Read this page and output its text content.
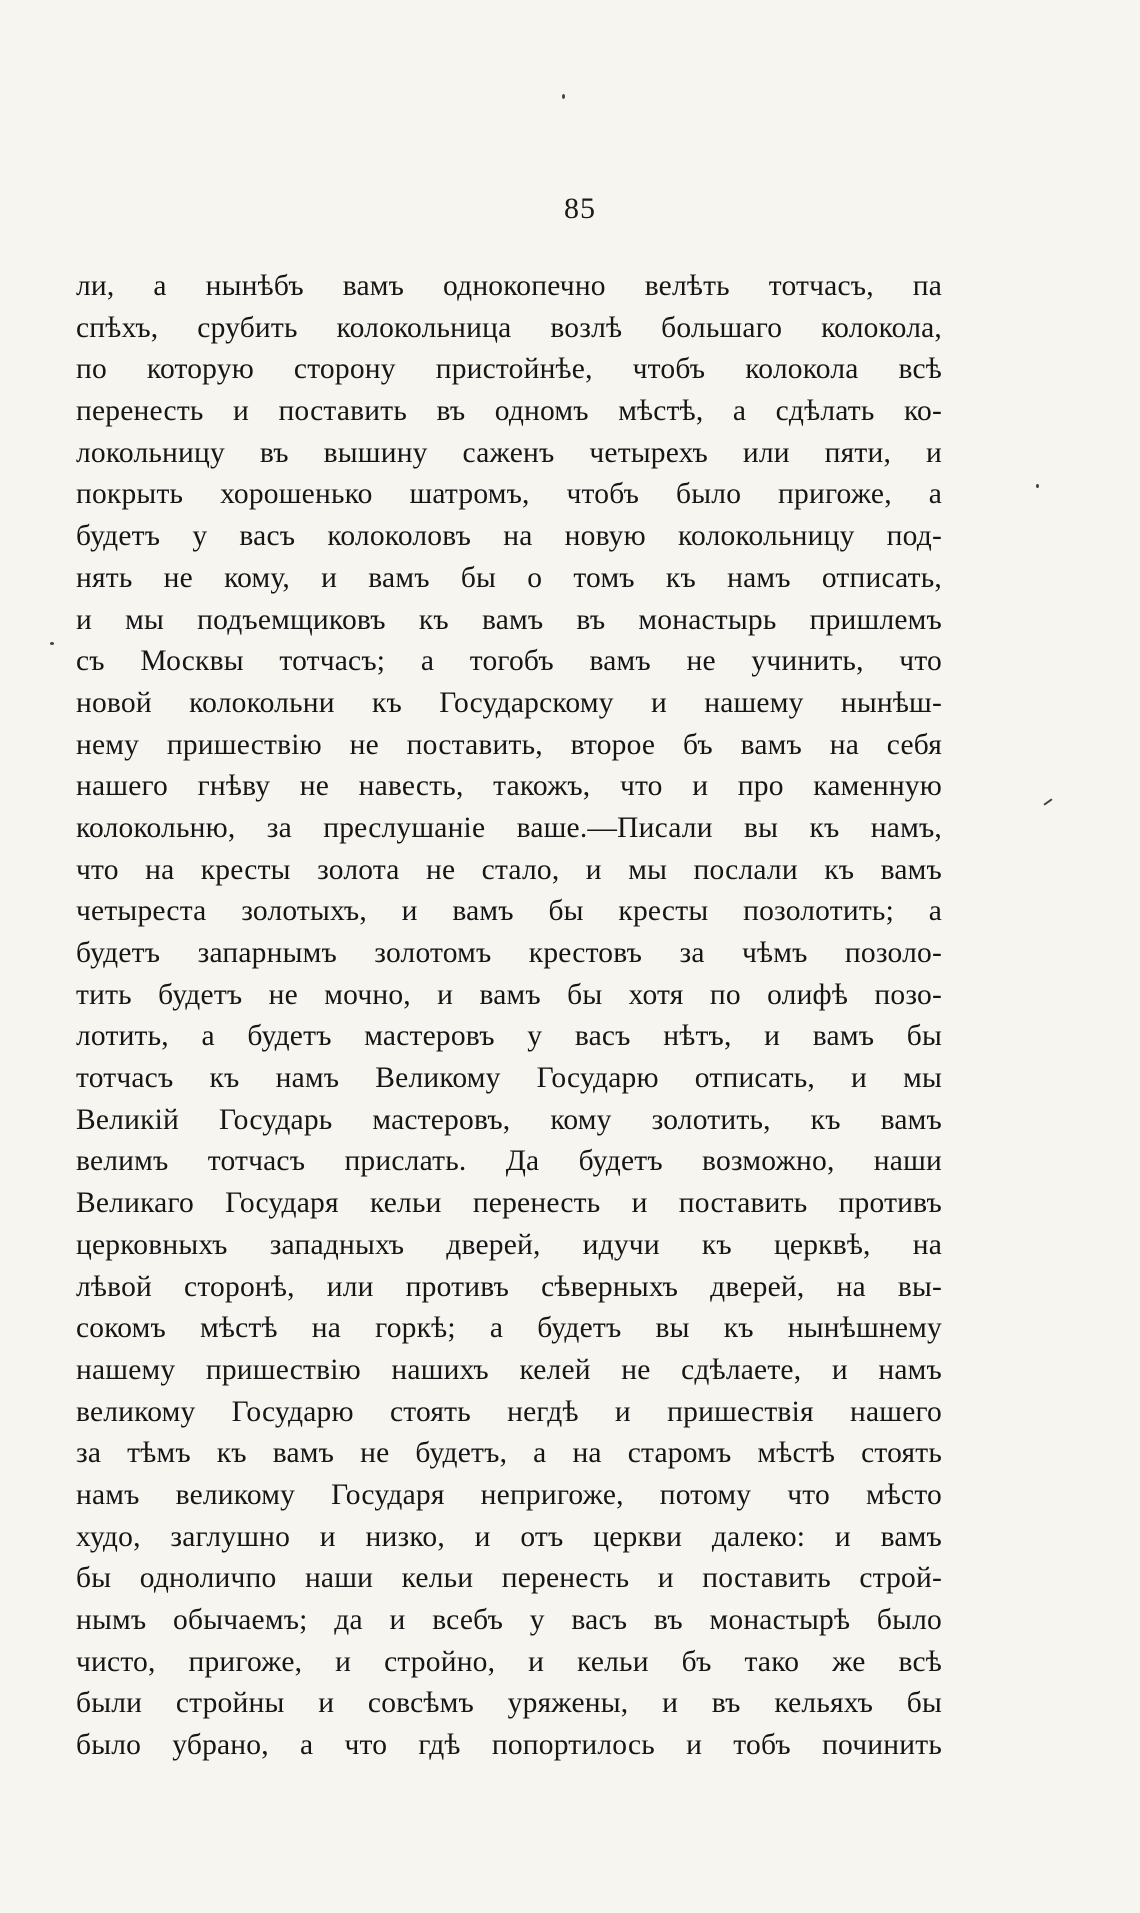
85
ли, а нынѣбъ вамъ однокопечно велѣть тотчасъ, па
спѣхъ, срубить колокольница возлѣ большаго колокола,
по которую сторону пристойнѣе, чтобъ колокола всѣ
перенесть и поставить въ одномъ мѣстѣ, а сдѣлать ко-
локольницу въ вышину саженъ четырехъ или пяти, и
покрыть хорошенько шатромъ, чтобъ было пригоже, а
будетъ у васъ колоколовъ на новую колокольницу под-
нять не кому, и вамъ бы о томъ къ намъ отписать,
и мы подъемщиковъ къ вамъ въ монастырь пришлемъ
съ Москвы тотчасъ; а тогобъ вамъ не учинить, что
новой колокольни къ Государскому и нашему нынѣш-
нему пришествію не поставить, второе бъ вамъ на себя
нашего гнѣву не навесть, такожъ, что и про каменную
колокольню, за преслушаніе ваше.—Писали вы къ намъ,
что на кресты золота не стало, и мы послали къ вамъ
четыреста золотыхъ, и вамъ бы кресты позолотить; а
будетъ запарнымъ золотомъ крестовъ за чѣмъ позоло-
тить будетъ не мочно, и вамъ бы хотя по олифѣ позо-
лотить, а будетъ мастеровъ у васъ нѣтъ, и вамъ бы
тотчасъ къ намъ Великому Государю отписать, и мы
Великій Государь мастеровъ, кому золотить, къ вамъ
велимъ тотчасъ прислать. Да будетъ возможно, наши
Великаго Государя кельи перенесть и поставить противъ
церковныхъ западныхъ дверей, идучи къ церквѣ, на
лѣвой сторонѣ, или противъ сѣверныхъ дверей, на вы-
сокомъ мѣстѣ на горкѣ; а будетъ вы къ нынѣшнему
нашему пришествію нашихъ келей не сдѣлаете, и намъ
великому Государю стоять негдѣ и пришествія нашего
за тѣмъ къ вамъ не будетъ, а на старомъ мѣстѣ стоять
намъ великому Государя непригоже, потому что мѣсто
худо, заглушно и низко, и отъ церкви далеко: и вамъ
бы одноличпо наши кельи перенесть и поставить строй-
нымъ обычаемъ; да и всебъ у васъ въ монастырѣ было
чисто, пригоже, и стройно, и кельи бъ тако же всѣ
были стройны и совсѣмъ уряжены, и въ кельяхъ бы
было убрано, а что гдѣ попортилось и тобъ починить
